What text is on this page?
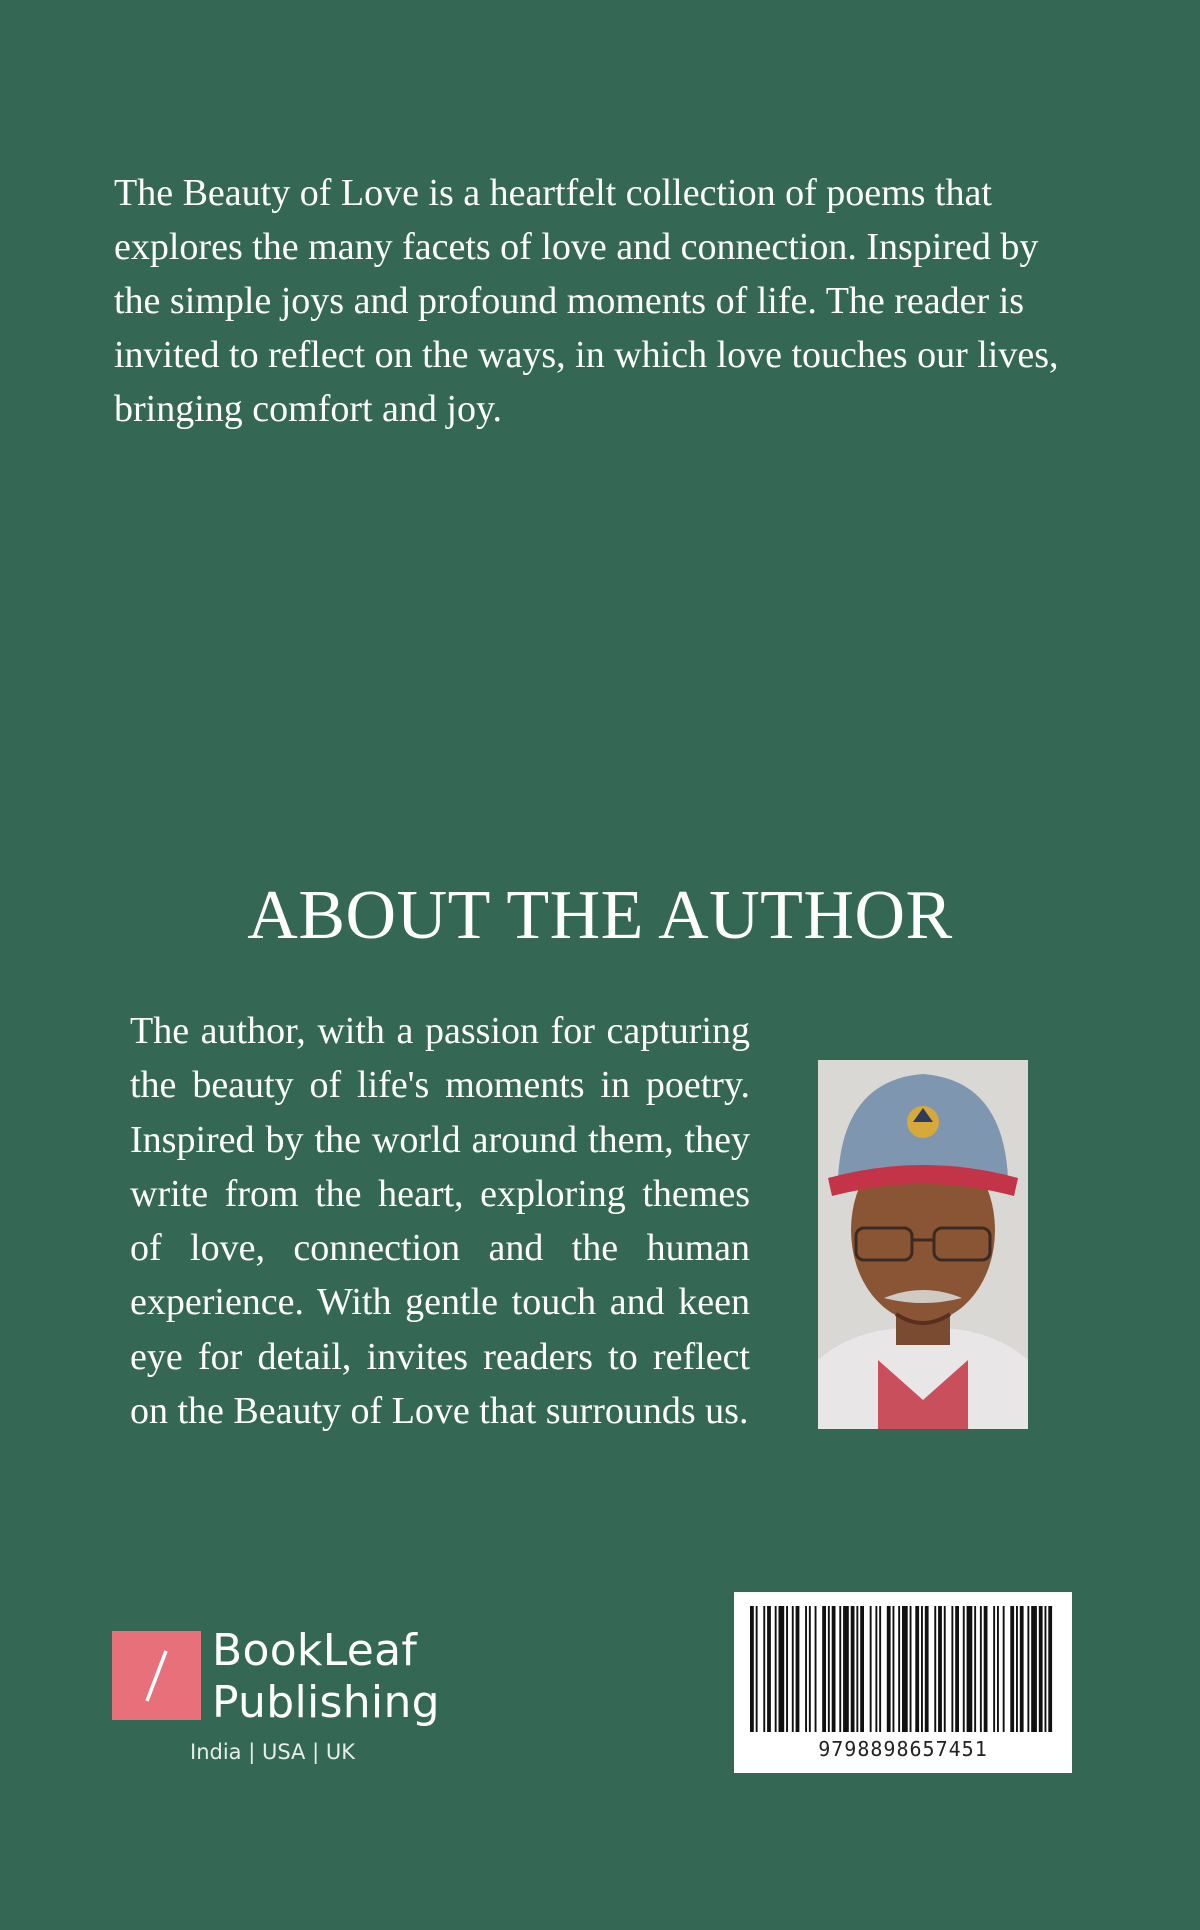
The Beauty of Love is a heartfelt collection of poems that explores the many facets of love and connection. Inspired by the simple joys and profound moments of life. The reader is invited to reflect on the ways, in which love touches our lives, bringing comfort and joy.

ABOUT THE AUTHOR

The author, with a passion for capturing the beauty of life's moments in poetry. Inspired by the world around them, they write from the heart, exploring themes of love, connection and the human experience. With gentle touch and keen eye for detail, invites readers to reflect on the Beauty of Love that surrounds us.

BookLeaf
Publishing
India | USA | UK	9798898657451
